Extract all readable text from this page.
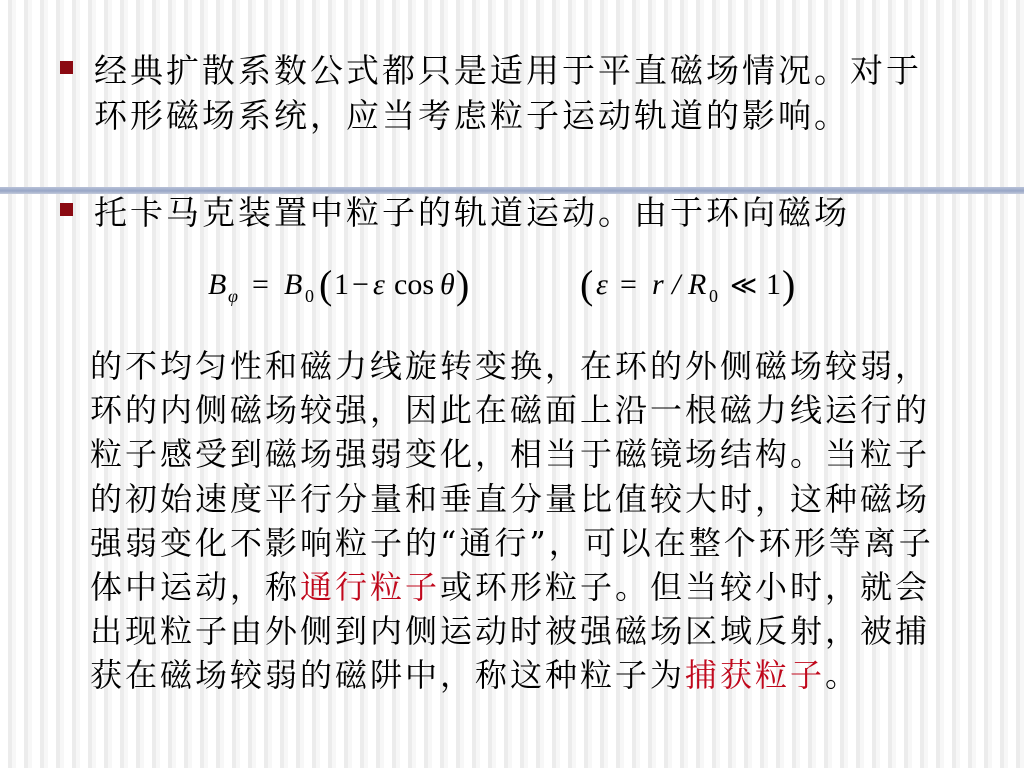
经典扩散系数公式都只是适用于平直磁场情况。对于环形磁场系统，应当考虑粒子运动轨道的影响。
托卡马克装置中粒子的轨道运动。由于环向磁场
B φ = B 0 ( 1 − ε cos θ )	( ε = r / R 0 ≪ 1 )
的不均匀性和磁力线旋转变换，在环的外侧磁场较弱，环的内侧磁场较强，因此在磁面上沿一根磁力线运行的粒子感受到磁场强弱变化，相当于磁镜场结构。当粒子的初始速度平行分量和垂直分量比值较大时，这种磁场强弱变化不影响粒子的“通行”，可以在整个环形等离子体中运动，称通行粒子或环形粒子。但当较小时，就会出现粒子由外侧到内侧运动时被强磁场区域反射，被捕获在磁场较弱的磁阱中，称这种粒子为捕获粒子。
